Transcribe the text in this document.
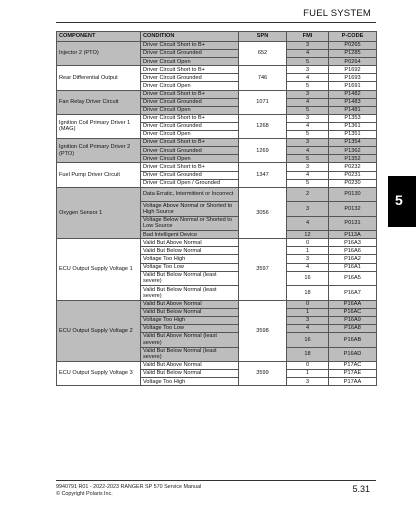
FUEL SYSTEM
COMPONENT	CONDITION	SPN	FMI	P-CODE
Injector 2 (PTO)	Driver Circuit Short to B+	652	3	P0265
	Driver Circuit Grounded		4	P1285
	Driver Circuit Open		5	P0264
Rear Differential Output	Driver Circuit Short to B+	746	3	P1692
	Driver Circuit Grounded		4	P1693
	Driver Circuit Open		5	P1691
Fan Relay Driver Circuit	Driver Circuit Short to B+	1071	3	P1482
	Driver Circuit Grounded		4	P1483
	Driver Circuit Open		5	P1481
Ignition Coil Primary Driver 1 (MAG)	Driver Circuit Short to B+	1268	3	P1353
	Driver Circuit Grounded		4	P1361
	Driver Circuit Open		5	P1351
Ignition Coil Primary Driver 2 (PTO)	Driver Circuit Short to B+	1269	3	P1354
	Driver Circuit Grounded		4	P1362
	Driver Circuit Open		5	P1352
Fuel Pump Driver Circuit	Driver Circuit Short to B+	1347	3	P0232
	Driver Circuit Grounded		4	P0231
	Driver Circuit Open / Grounded		5	P0230
Oxygen Sensor 1	Data Erratic, Intermittent or Incorrect	3056	2	P0130
	Voltage Above Normal or Shorted to High Source		3	P0132
	Voltage Below Normal or Shorted to Low Source		4	P0131
	Bad Intelligent Device		12	P113A
ECU Output Supply Voltage 1	Valid But Above Normal	3597	0	P16A3
	Valid But Below Normal		1	P16A6
	Voltage Too High		3	P16A2
	Voltage Too Low		4	P16A1
	Valid But Below Normal (least severe)		16	P16A5
	Valid But Below Normal (least severe)		18	P16A7
ECU Output Supply Voltage 2	Valid But Above Normal	3598	0	P16AA
	Valid But Below Normal		1	P16AC
	Voltage Too High		3	P16A9
	Voltage Too Low		4	P16A8
	Valid But Above Normal (least severe)		16	P16AB
	Valid But Below Normal (least severe)		18	P16AD
ECU Output Supply Voltage 3	Valid But Above Normal	3599	0	P17AC
	Valid But Below Normal		1	P17AE
	Voltage Too High		3	P17AA
5
9940791 R01 - 2022-2023 RANGER SP 570 Service Manual
© Copyright Polaris Inc.	5.31
